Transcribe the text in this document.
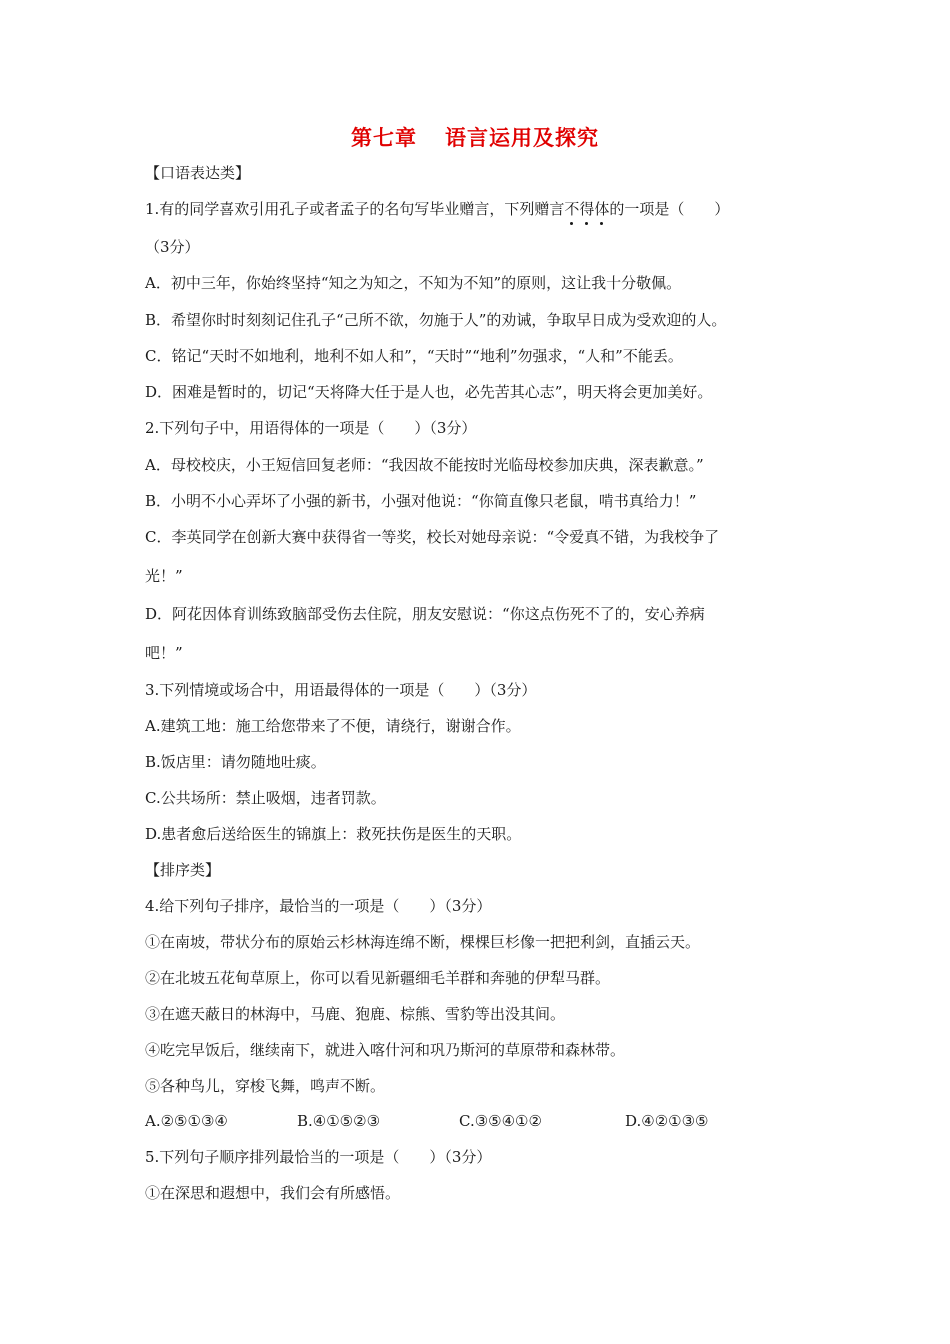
第七章 语言运用及探究
【口语表达类】
1.有的同学喜欢引用孔子或者孟子的名句写毕业赠言，下列赠言不得体的一项是（　　）
（3分）
A．初中三年，你始终坚持“知之为知之，不知为不知”的原则，这让我十分敬佩。
B．希望你时时刻刻记住孔子“己所不欲，勿施于人”的劝诫，争取早日成为受欢迎的人。
C．铭记“天时不如地利，地利不如人和”，“天时”“地利”勿强求，“人和”不能丢。
D．困难是暂时的，切记“天将降大任于是人也，必先苦其心志”，明天将会更加美好。
2.下列句子中，用语得体的一项是（　　）（3分）
A．母校校庆，小王短信回复老师：“我因故不能按时光临母校参加庆典，深表歉意。”
B．小明不小心弄坏了小强的新书，小强对他说：“你简直像只老鼠，啃书真给力！”
C．李英同学在创新大赛中获得省一等奖，校长对她母亲说：“令爱真不错，为我校争了
光！”
D．阿花因体育训练致脑部受伤去住院，朋友安慰说：“你这点伤死不了的，安心养病
吧！”
3.下列情境或场合中，用语最得体的一项是（　　）（3分）
A.建筑工地：施工给您带来了不便，请绕行，谢谢合作。
B.饭店里：请勿随地吐痰。
C.公共场所：禁止吸烟，违者罚款。
D.患者愈后送给医生的锦旗上：救死扶伤是医生的天职。
【排序类】
4.给下列句子排序，最恰当的一项是（　　）（3分）
①在南坡，带状分布的原始云杉林海连绵不断，棵棵巨杉像一把把利剑，直插云天。
②在北坡五花甸草原上，你可以看见新疆细毛羊群和奔驰的伊犁马群。
③在遮天蔽日的林海中，马鹿、狍鹿、棕熊、雪豹等出没其间。
④吃完早饭后，继续南下，就进入喀什河和巩乃斯河的草原带和森林带。
⑤各种鸟儿，穿梭飞舞，鸣声不断。
A.②⑤①③④	B.④①⑤②③	C.③⑤④①②	D.④②①③⑤
5.下列句子顺序排列最恰当的一项是（　　）（3分）
①在深思和遐想中，我们会有所感悟。
